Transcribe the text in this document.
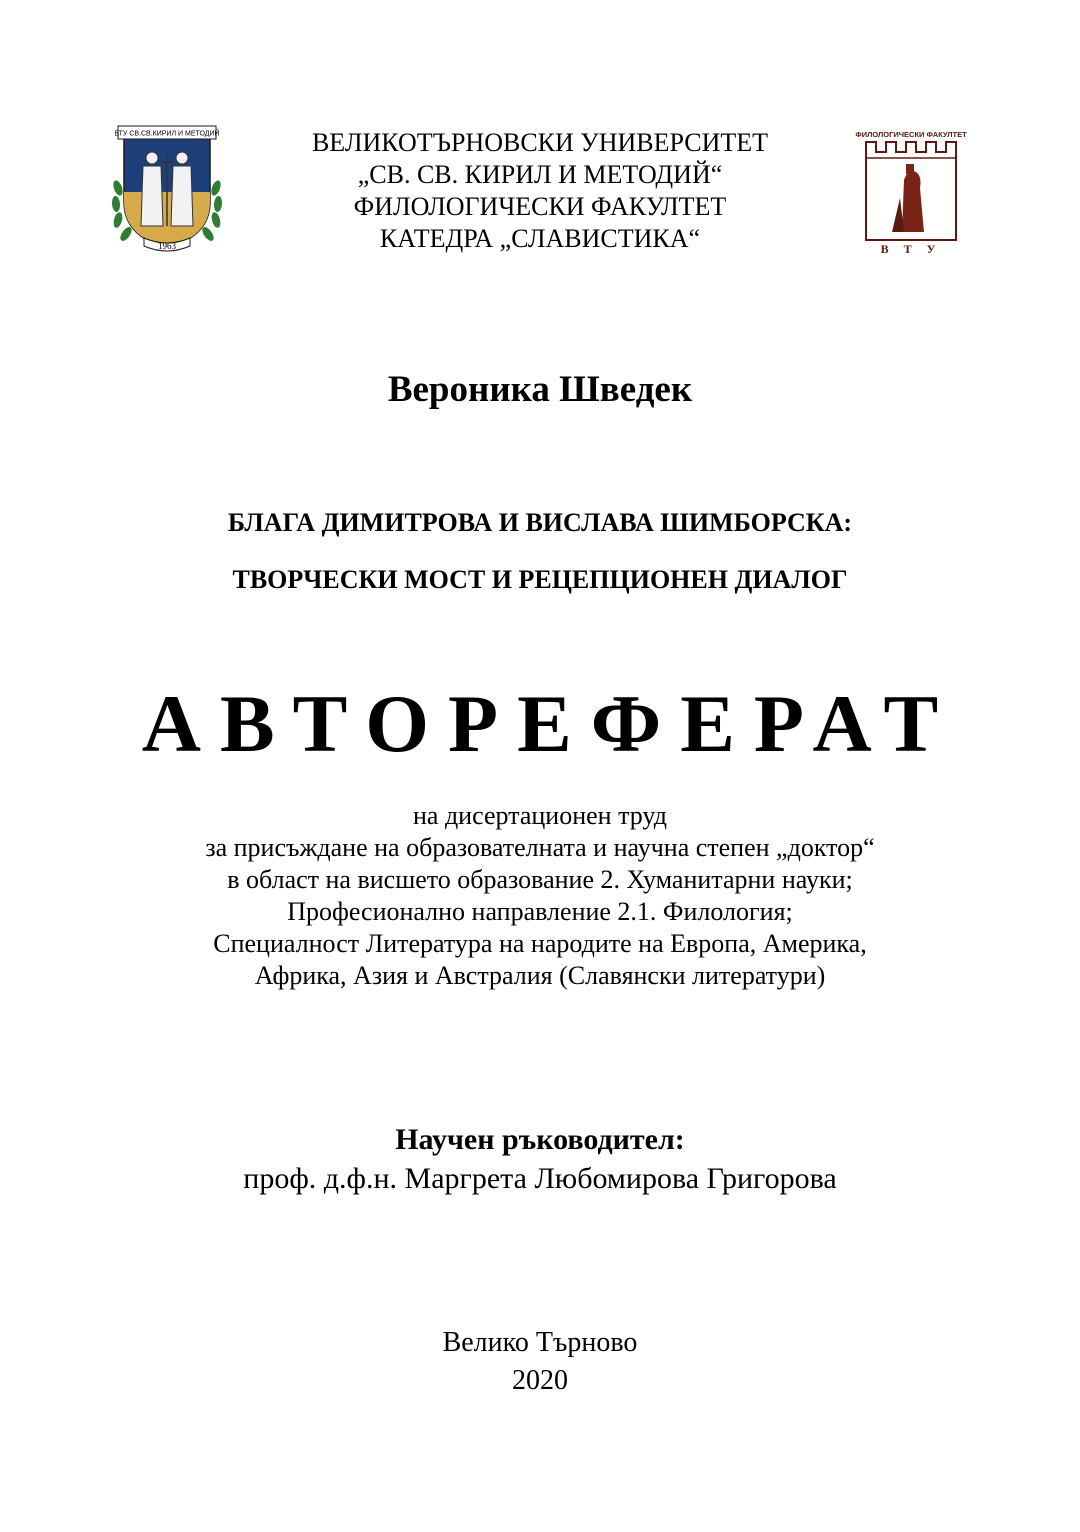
ВТУ СВ.СВ.КИРИЛ И МЕТОДИЙ
1963
ВЕЛИКОТЪРНОВСКИ УНИВЕРСИТЕТ
„СВ. СВ. КИРИЛ И МЕТОДИЙ“
ФИЛОЛОГИЧЕСКИ ФАКУЛТЕТ
КАТЕДРА „СЛАВИСТИКА“
ФИЛОЛОГИЧЕСКИ ФАКУЛТЕТ
В Т У
Вероника Шведек
БЛАГА ДИМИТРОВА И ВИСЛАВА ШИМБОРСКА:
ТВОРЧЕСКИ МОСТ И РЕЦЕПЦИОНЕН ДИАЛОГ
АВТОРЕФЕРАТ
на дисертационен труд
за присъждане на образователната и научна степен „доктор“
в област на висшето образование 2. Хуманитарни науки;
Професионално направление 2.1. Филология;
Специалност Литература на народите на Европа, Америка,
Африка, Азия и Австралия (Славянски литератури)
Научен ръководител:
проф. д.ф.н. Маргрета Любомирова Григорова
Велико Търново
2020
